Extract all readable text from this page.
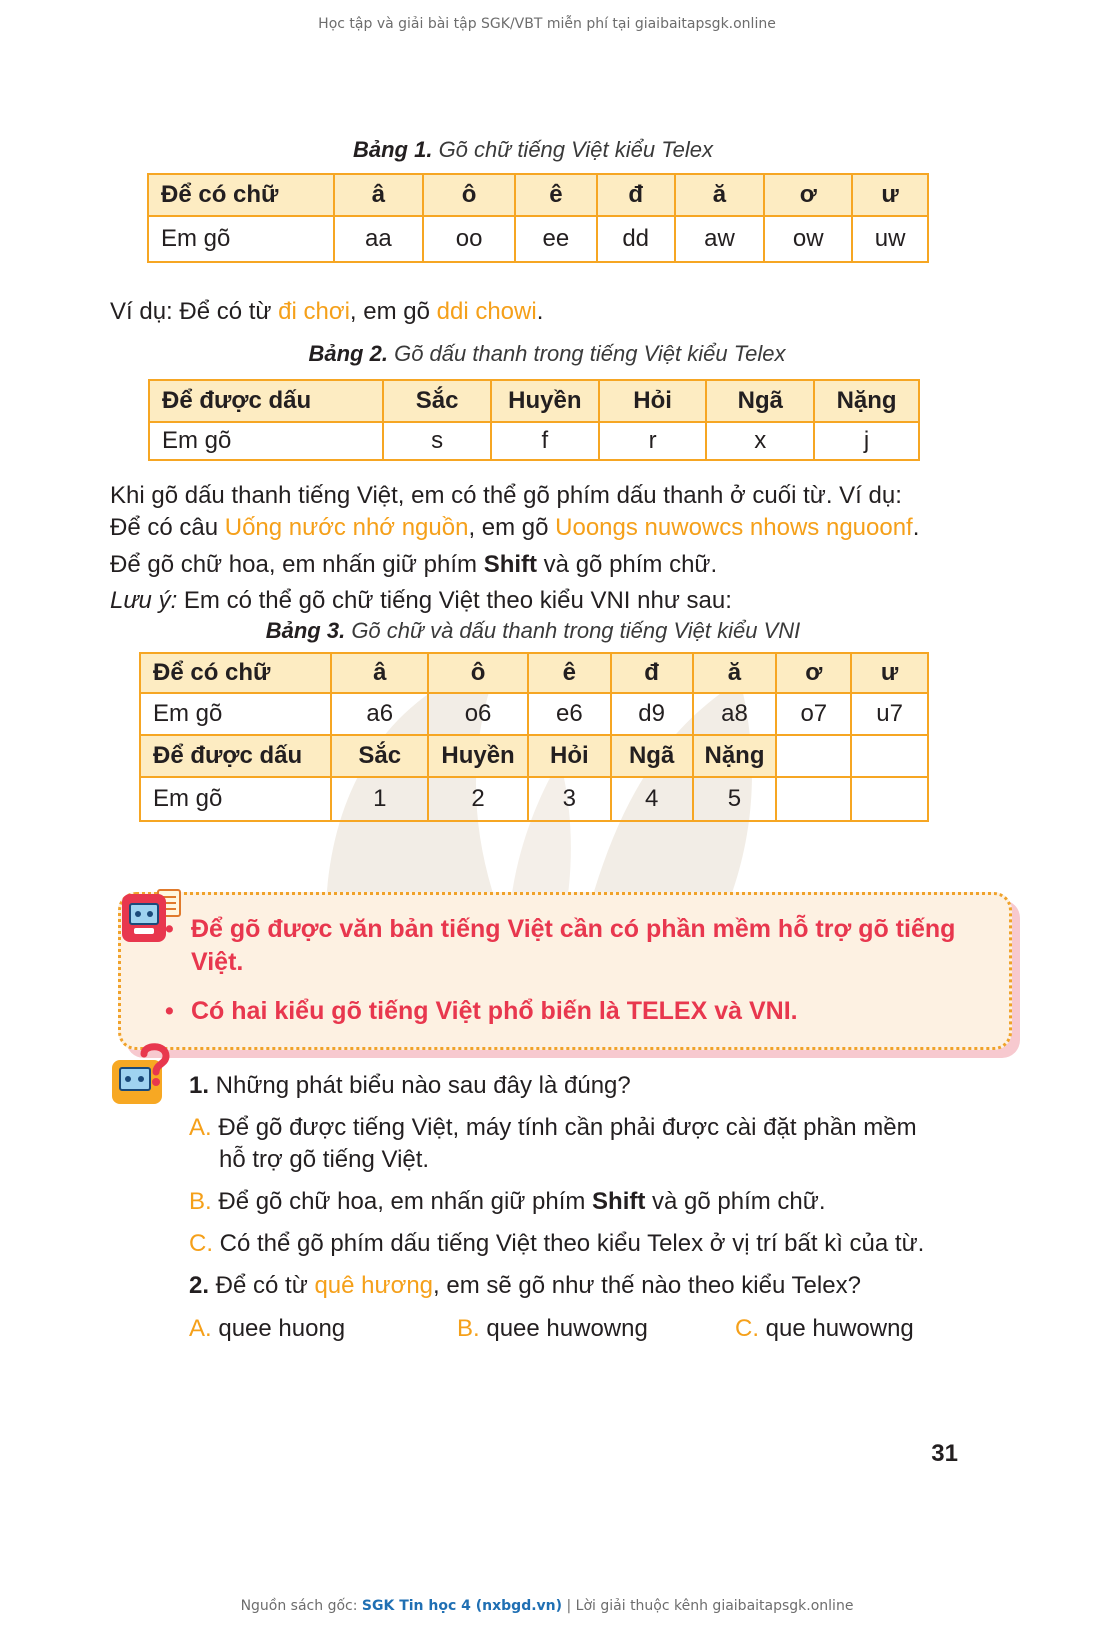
Học tập và giải bài tập SGK/VBT miễn phí tại giaibaitapsgk.online
Bảng 1. Gõ chữ tiếng Việt kiểu Telex
Để có chữ	â	ô	ê	đ	ă	ơ	ư
Em gõ	aa	oo	ee	dd	aw	ow	uw
Ví dụ: Để có từ đi chơi, em gõ ddi chowi.
Bảng 2. Gõ dấu thanh trong tiếng Việt kiểu Telex
Để được dấu	Sắc	Huyền	Hỏi	Ngã	Nặng
Em gõ	s	f	r	x	j
Khi gõ dấu thanh tiếng Việt, em có thể gõ phím dấu thanh ở cuối từ. Ví dụ:
Để có câu Uống nước nhớ nguồn, em gõ Uoongs nuwowcs nhows nguoonf.
Để gõ chữ hoa, em nhấn giữ phím Shift và gõ phím chữ.
Lưu ý: Em có thể gõ chữ tiếng Việt theo kiểu VNI như sau:
Bảng 3. Gõ chữ và dấu thanh trong tiếng Việt kiểu VNI
Để có chữ	â	ô	ê	đ	ă	ơ	ư
Em gõ	a6	o6	e6	d9	a8	o7	u7
Để được dấu	Sắc	Huyền	Hỏi	Ngã	Nặng		
Em gõ	1	2	3	4	5		
• Để gõ được văn bản tiếng Việt cần có phần mềm hỗ trợ gõ tiếng Việt.
• Có hai kiểu gõ tiếng Việt phổ biến là TELEX và VNI.
1. Những phát biểu nào sau đây là đúng?
A. Để gõ được tiếng Việt, máy tính cần phải được cài đặt phần mềm
hỗ trợ gõ tiếng Việt.
B. Để gõ chữ hoa, em nhấn giữ phím Shift và gõ phím chữ.
C. Có thể gõ phím dấu tiếng Việt theo kiểu Telex ở vị trí bất kì của từ.
2. Để có từ quê hương, em sẽ gõ như thế nào theo kiểu Telex?
A. quee huong	B. quee huwowng	C. que huwowng
31
Nguồn sách gốc: SGK Tin học 4 (nxbgd.vn) | Lời giải thuộc kênh giaibaitapsgk.online
